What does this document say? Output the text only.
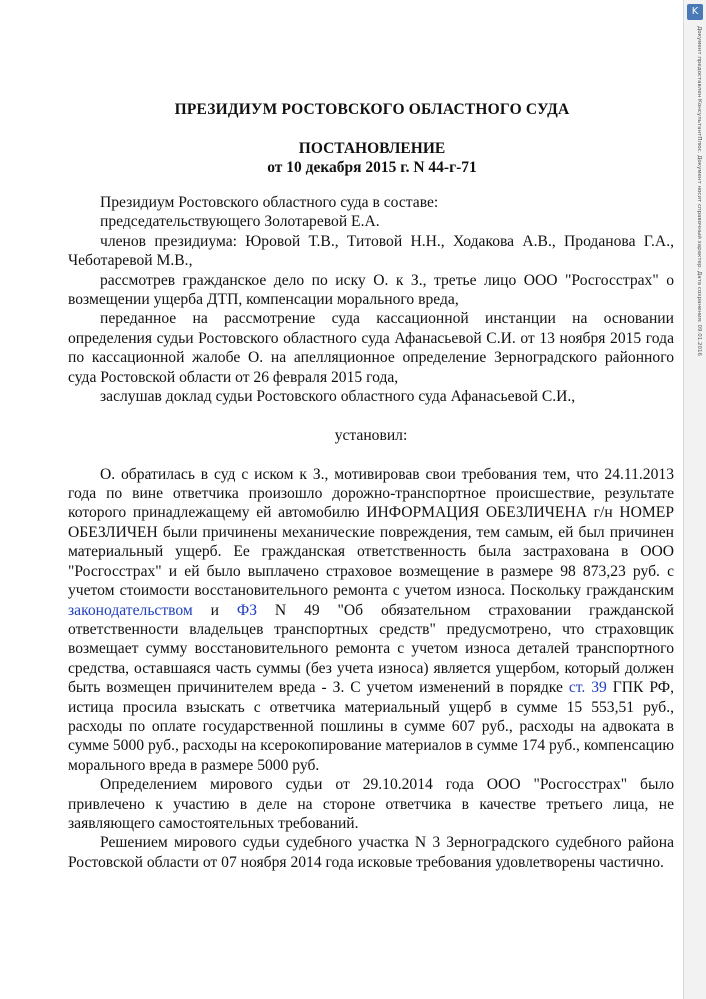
K
Документ предоставлен КонсультантПлюс. Документ носит справочный характер. Дата сохранения: 09.01.2016
ПРЕЗИДИУМ РОСТОВСКОГО ОБЛАСТНОГО СУДА
ПОСТАНОВЛЕНИЕ
от 10 декабря 2015 г. N 44-г-71

Президиум Ростовского областного суда в составе:

председательствующего Золотаревой Е.А.

членов президиума: Юровой Т.В., Титовой Н.Н., Ходакова А.В., Проданова Г.А., Чеботаревой М.В.,

рассмотрев гражданское дело по иску О. к З., третье лицо ООО "Росгосстрах" о возмещении ущерба ДТП, компенсации морального вреда,

переданное на рассмотрение суда кассационной инстанции на основании определения судьи Ростовского областного суда Афанасьевой С.И. от 13 ноября 2015 года по кассационной жалобе О. на апелляционное определение Зерноградского районного суда Ростовской области от 26 февраля 2015 года,

заслушав доклад судьи Ростовского областного суда Афанасьевой С.И.,

установил:

О. обратилась в суд с иском к З., мотивировав свои требования тем, что 24.11.2013 года по вине ответчика произошло дорожно-транспортное происшествие, результате которого принадлежащему ей автомобилю ИНФОРМАЦИЯ ОБЕЗЛИЧЕНА г/н НОМЕР ОБЕЗЛИЧЕН были причинены механические повреждения, тем самым, ей был причинен материальный ущерб. Ее гражданская ответственность была застрахована в ООО "Росгосстрах" и ей было выплачено страховое возмещение в размере 98 873,23 руб. с учетом стоимости восстановительного ремонта с учетом износа. Поскольку гражданским законодательством и ФЗ N 49 "Об обязательном страховании гражданской ответственности владельцев транспортных средств" предусмотрено, что страховщик возмещает сумму восстановительного ремонта с учетом износа деталей транспортного средства, оставшаяся часть суммы (без учета износа) является ущербом, который должен быть возмещен причинителем вреда - З. С учетом изменений в порядке ст. 39 ГПК РФ, истица просила взыскать с ответчика материальный ущерб в сумме 15 553,51 руб., расходы по оплате государственной пошлины в сумме 607 руб., расходы на адвоката в сумме 5000 руб., расходы на ксерокопирование материалов в сумме 174 руб., компенсацию морального вреда в размере 5000 руб.

Определением мирового судьи от 29.10.2014 года ООО "Росгосстрах" было привлечено к участию в деле на стороне ответчика в качестве третьего лица, не заявляющего самостоятельных требований.

Решением мирового судьи судебного участка N 3 Зерноградского судебного района Ростовской области от 07 ноября 2014 года исковые требования удовлетворены частично.
